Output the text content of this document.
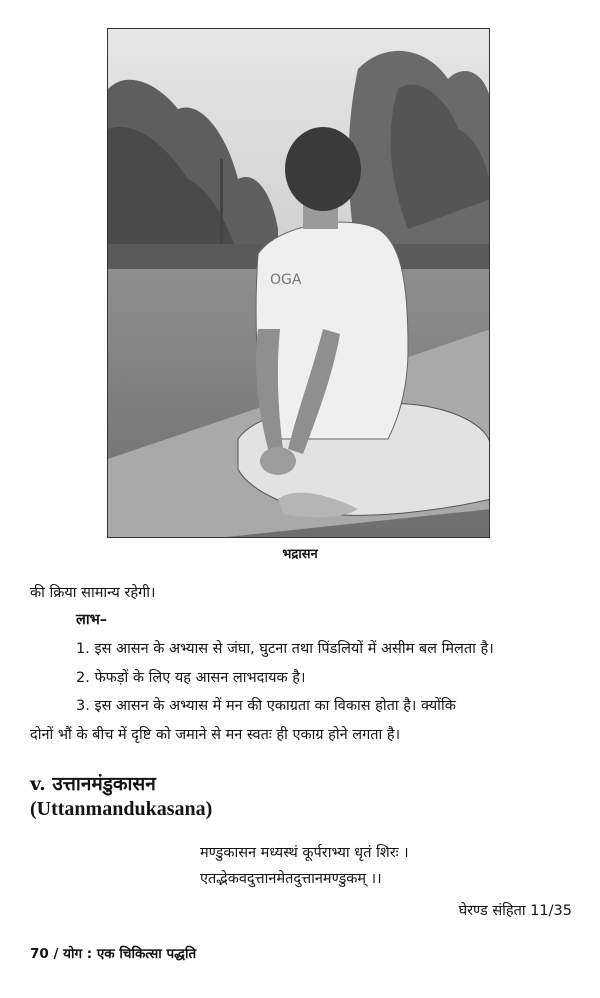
OGA
भद्रासन
की क्रिया सामान्य रहेगी।
लाभ–
1. इस आसन के अभ्यास से जंघा, घुटना तथा पिंडलियों में असीम बल मिलता है।
2. फेफड़ों के लिए यह आसन लाभदायक है।
3. इस आसन के अभ्यास में मन की एकाग्रता का विकास होता है। क्योंकि
दोनों भौं के बीच में दृष्टि को जमाने से मन स्वतः ही एकाग्र होने लगता है।
v. उत्तानमंडुकासन
(Uttanmandukasana)
मण्डुकासन मध्यस्थं कूर्पराभ्या धृतं शिरः ।
एतद्भेकवदुत्तानमेतदुत्तानमण्डुकम् ।।
घेरण्ड संहिता 11/35
70 / योग : एक चिकित्सा पद्धति
